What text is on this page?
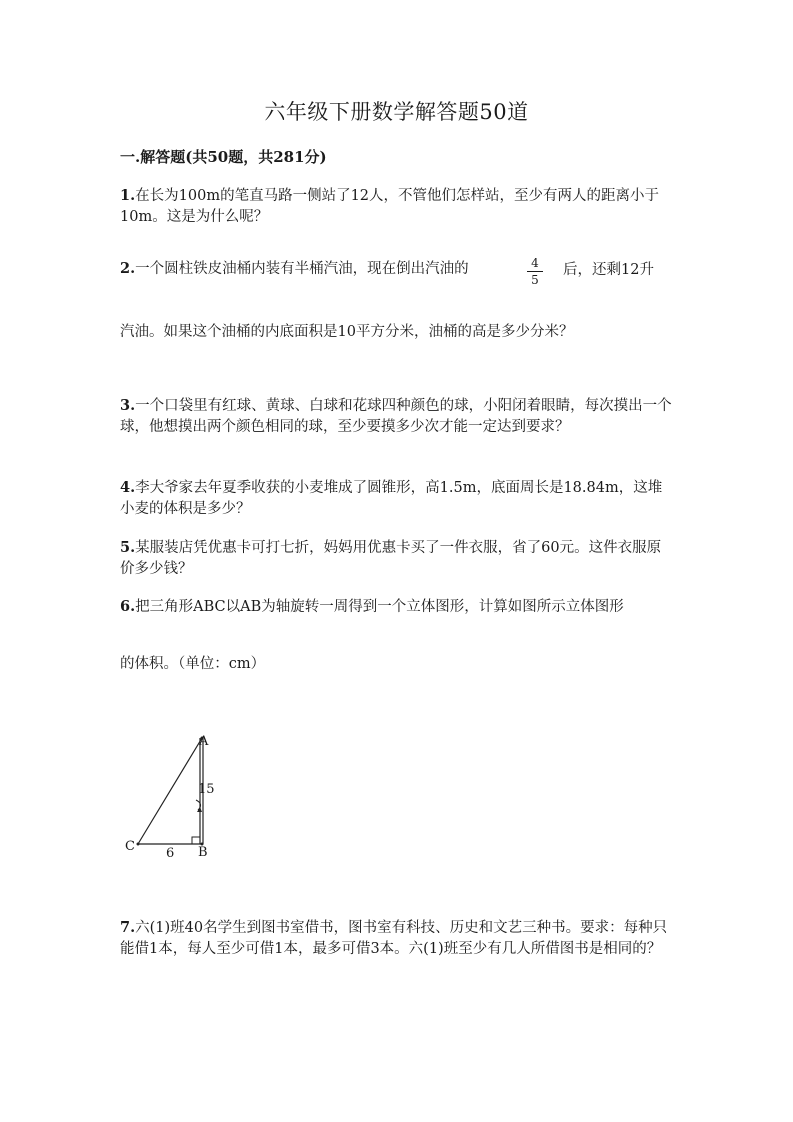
六年级下册数学解答题50道
一.解答题(共50题，共281分)
1.在长为100m的笔直马路一侧站了12人，不管他们怎样站，至少有两人的距离小于10m。这是为什么呢？
2.一个圆柱铁皮油桶内装有半桶汽油，现在倒出汽油的	4
5
后，还剩12升
汽油。如果这个油桶的内底面积是10平方分米，油桶的高是多少分米？
3.一个口袋里有红球、黄球、白球和花球四种颜色的球，小阳闭着眼睛，每次摸出一个球，他想摸出两个颜色相同的球，至少要摸多少次才能一定达到要求？
4.李大爷家去年夏季收获的小麦堆成了圆锥形，高1.5m，底面周长是18.84m，这堆小麦的体积是多少？
5.某服装店凭优惠卡可打七折，妈妈用优惠卡买了一件衣服，省了60元。这件衣服原价多少钱？
6.把三角形ABC以AB为轴旋转一周得到一个立体图形，计算如图所示立体图形
的体积。（单位：cm）
A
B
C
15
6
7.六(1)班40名学生到图书室借书，图书室有科技、历史和文艺三种书。要求：每种只能借1本，每人至少可借1本，最多可借3本。六(1)班至少有几人所借图书是相同的？
